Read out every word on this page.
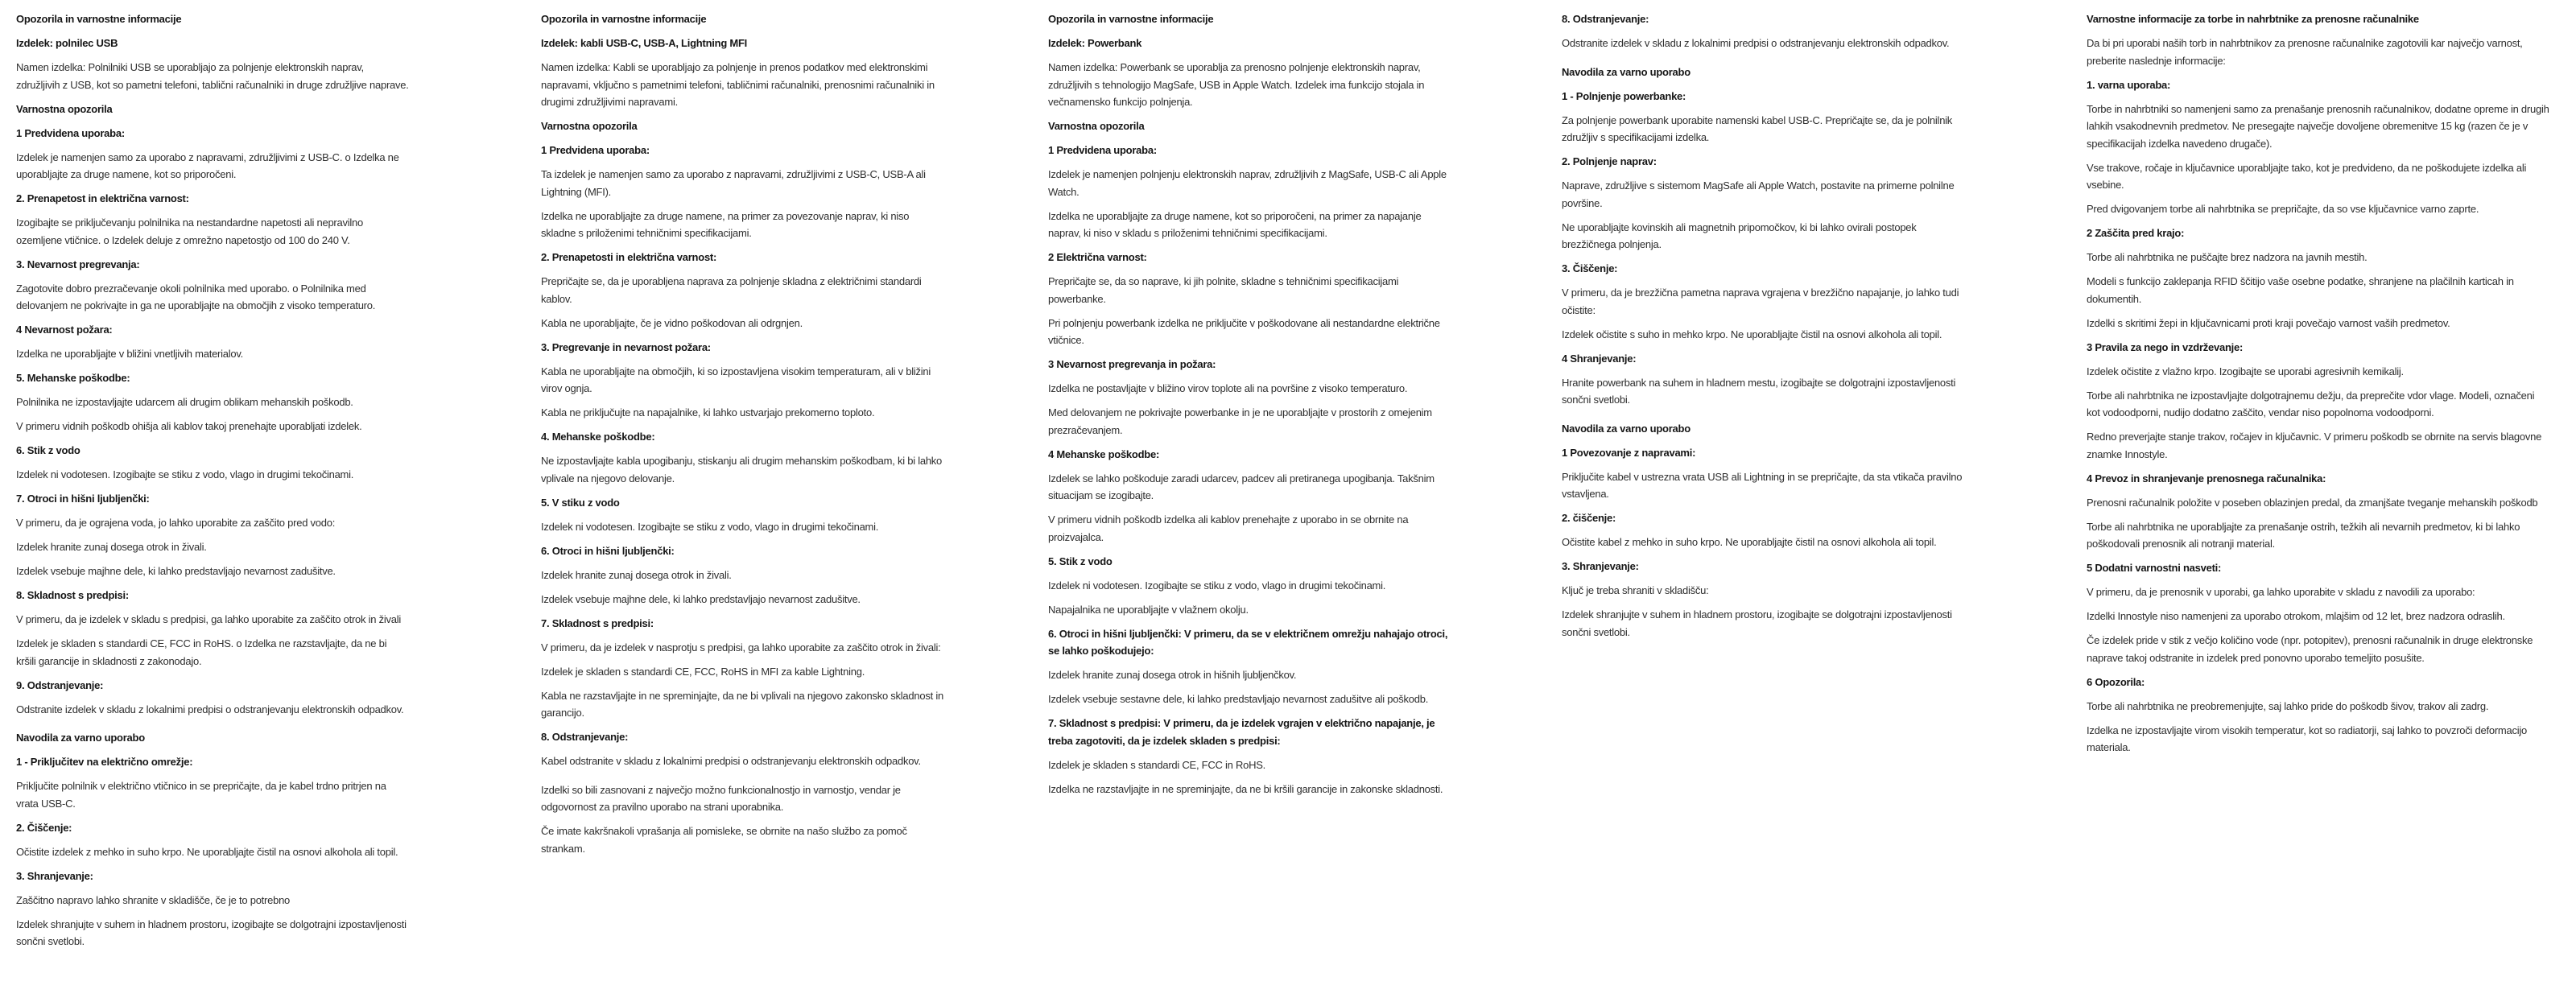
Opozorila in varnostne informacije
Izdelek: polnilec USB

Namen izdelka: Polnilniki USB se uporabljajo za polnjenje elektronskih naprav, združljivih z USB, kot so pametni telefoni, tablični računalniki in druge združljive naprave.

Varnostna opozorila
1 Predvidena uporaba:

Izdelek je namenjen samo za uporabo z napravami, združljivimi z USB-C. o Izdelka ne uporabljajte za druge namene, kot so priporočeni.

2. Prenapetost in električna varnost:

Izogibajte se priključevanju polnilnika na nestandardne napetosti ali nepravilno ozemljene vtičnice. o Izdelek deluje z omrežno napetostjo od 100 do 240 V.

3. Nevarnost pregrevanja:

Zagotovite dobro prezračevanje okoli polnilnika med uporabo. o Polnilnika med delovanjem ne pokrivajte in ga ne uporabljajte na območjih z visoko temperaturo.

4 Nevarnost požara:

Izdelka ne uporabljajte v bližini vnetljivih materialov.

5. Mehanske poškodbe:

Polnilnika ne izpostavljajte udarcem ali drugim oblikam mehanskih poškodb.

V primeru vidnih poškodb ohišja ali kablov takoj prenehajte uporabljati izdelek.

6. Stik z vodo

Izdelek ni vodotesen. Izogibajte se stiku z vodo, vlago in drugimi tekočinami.

7. Otroci in hišni ljubljenčki:

V primeru, da je ograjena voda, jo lahko uporabite za zaščito pred vodo:

Izdelek hranite zunaj dosega otrok in živali.

Izdelek vsebuje majhne dele, ki lahko predstavljajo nevarnost zadušitve.

8. Skladnost s predpisi:

V primeru, da je izdelek v skladu s predpisi, ga lahko uporabite za zaščito otrok in živali

Izdelek je skladen s standardi CE, FCC in RoHS. o Izdelka ne razstavljajte, da ne bi kršili garancije in skladnosti z zakonodajo.

9. Odstranjevanje:

Odstranite izdelek v skladu z lokalnimi predpisi o odstranjevanju elektronskih odpadkov.

Navodila za varno uporabo
1 - Priključitev na električno omrežje:

Priključite polnilnik v električno vtičnico in se prepričajte, da je kabel trdno pritrjen na vrata USB-C.

2. Čiščenje:

Očistite izdelek z mehko in suho krpo. Ne uporabljajte čistil na osnovi alkohola ali topil.

3. Shranjevanje:

Zaščitno napravo lahko shranite v skladišče, če je to potrebno

Izdelek shranjujte v suhem in hladnem prostoru, izogibajte se dolgotrajni izpostavljenosti sončni svetlobi.

Opozorila in varnostne informacije
Izdelek: kabli USB-C, USB-A, Lightning MFI

Namen izdelka: Kabli se uporabljajo za polnjenje in prenos podatkov med elektronskimi napravami, vključno s pametnimi telefoni, tabličnimi računalniki, prenosnimi računalniki in drugimi združljivimi napravami.

Varnostna opozorila
1 Predvidena uporaba:

Ta izdelek je namenjen samo za uporabo z napravami, združljivimi z USB-C, USB-A ali Lightning (MFI).

Izdelka ne uporabljajte za druge namene, na primer za povezovanje naprav, ki niso skladne s priloženimi tehničnimi specifikacijami.

2. Prenapetosti in električna varnost:

Prepričajte se, da je uporabljena naprava za polnjenje skladna z električnimi standardi kablov.

Kabla ne uporabljajte, če je vidno poškodovan ali odrgnjen.

3. Pregrevanje in nevarnost požara:

Kabla ne uporabljajte na območjih, ki so izpostavljena visokim temperaturam, ali v bližini virov ognja.

Kabla ne priključujte na napajalnike, ki lahko ustvarjajo prekomerno toploto.

4. Mehanske poškodbe:

Ne izpostavljajte kabla upogibanju, stiskanju ali drugim mehanskim poškodbam, ki bi lahko vplivale na njegovo delovanje.

5. V stiku z vodo

Izdelek ni vodotesen. Izogibajte se stiku z vodo, vlago in drugimi tekočinami.

6. Otroci in hišni ljubljenčki:

Izdelek hranite zunaj dosega otrok in živali.

Izdelek vsebuje majhne dele, ki lahko predstavljajo nevarnost zadušitve.

7. Skladnost s predpisi:

V primeru, da je izdelek v nasprotju s predpisi, ga lahko uporabite za zaščito otrok in živali:

Izdelek je skladen s standardi CE, FCC, RoHS in MFI za kable Lightning.

Kabla ne razstavljajte in ne spreminjajte, da ne bi vplivali na njegovo zakonsko skladnost in garancijo.

8. Odstranjevanje:

Kabel odstranite v skladu z lokalnimi predpisi o odstranjevanju elektronskih odpadkov.

Izdelki so bili zasnovani z največjo možno funkcionalnostjo in varnostjo, vendar je odgovornost za pravilno uporabo na strani uporabnika.

Če imate kakršnakoli vprašanja ali pomisleke, se obrnite na našo službo za pomoč strankam.

Opozorila in varnostne informacije
Izdelek: Powerbank

Namen izdelka: Powerbank se uporablja za prenosno polnjenje elektronskih naprav, združljivih s tehnologijo MagSafe, USB in Apple Watch. Izdelek ima funkcijo stojala in večnamensko funkcijo polnjenja.

Varnostna opozorila
1 Predvidena uporaba:

Izdelek je namenjen polnjenju elektronskih naprav, združljivih z MagSafe, USB-C ali Apple Watch.

Izdelka ne uporabljajte za druge namene, kot so priporočeni, na primer za napajanje naprav, ki niso v skladu s priloženimi tehničnimi specifikacijami.

2 Električna varnost:

Prepričajte se, da so naprave, ki jih polnite, skladne s tehničnimi specifikacijami powerbanke.

Pri polnjenju powerbank izdelka ne priključite v poškodovane ali nestandardne električne vtičnice.

3 Nevarnost pregrevanja in požara:

Izdelka ne postavljajte v bližino virov toplote ali na površine z visoko temperaturo.

Med delovanjem ne pokrivajte powerbanke in je ne uporabljajte v prostorih z omejenim prezračevanjem.

4 Mehanske poškodbe:

Izdelek se lahko poškoduje zaradi udarcev, padcev ali pretiranega upogibanja. Takšnim situacijam se izogibajte.

V primeru vidnih poškodb izdelka ali kablov prenehajte z uporabo in se obrnite na proizvajalca.

5. Stik z vodo

Izdelek ni vodotesen. Izogibajte se stiku z vodo, vlago in drugimi tekočinami.

Napajalnika ne uporabljajte v vlažnem okolju.

6. Otroci in hišni ljubljenčki: V primeru, da se v električnem omrežju nahajajo otroci, se lahko poškodujejo:

Izdelek hranite zunaj dosega otrok in hišnih ljubljenčkov.

Izdelek vsebuje sestavne dele, ki lahko predstavljajo nevarnost zadušitve ali poškodb.

7. Skladnost s predpisi: V primeru, da je izdelek vgrajen v električno napajanje, je treba zagotoviti, da je izdelek skladen s predpisi:

Izdelek je skladen s standardi CE, FCC in RoHS.

Izdelka ne razstavljajte in ne spreminjajte, da ne bi kršili garancije in zakonske skladnosti.

8. Odstranjevanje:

Odstranite izdelek v skladu z lokalnimi predpisi o odstranjevanju elektronskih odpadkov.

Navodila za varno uporabo
1 - Polnjenje powerbanke:

Za polnjenje powerbank uporabite namenski kabel USB-C. Prepričajte se, da je polnilnik združljiv s specifikacijami izdelka.

2. Polnjenje naprav:

Naprave, združljive s sistemom MagSafe ali Apple Watch, postavite na primerne polnilne površine.

Ne uporabljajte kovinskih ali magnetnih pripomočkov, ki bi lahko ovirali postopek brezžičnega polnjenja.

3. Čiščenje:

V primeru, da je brezžična pametna naprava vgrajena v brezžično napajanje, jo lahko tudi očistite:

Izdelek očistite s suho in mehko krpo. Ne uporabljajte čistil na osnovi alkohola ali topil.

4 Shranjevanje:

Hranite powerbank na suhem in hladnem mestu, izogibajte se dolgotrajni izpostavljenosti sončni svetlobi.

Navodila za varno uporabo
1 Povezovanje z napravami:

Priključite kabel v ustrezna vrata USB ali Lightning in se prepričajte, da sta vtikača pravilno vstavljena.

2. čiščenje:

Očistite kabel z mehko in suho krpo. Ne uporabljajte čistil na osnovi alkohola ali topil.

3. Shranjevanje:

Ključ je treba shraniti v skladišču:

Izdelek shranjujte v suhem in hladnem prostoru, izogibajte se dolgotrajni izpostavljenosti sončni svetlobi.

Varnostne informacije za torbe in nahrbtnike za prenosne računalnike

Da bi pri uporabi naših torb in nahrbtnikov za prenosne računalnike zagotovili kar največjo varnost, preberite naslednje informacije:

1. varna uporaba:

Torbe in nahrbtniki so namenjeni samo za prenašanje prenosnih računalnikov, dodatne opreme in drugih lahkih vsakodnevnih predmetov. Ne presegajte največje dovoljene obremenitve 15 kg (razen če je v specifikacijah izdelka navedeno drugače).

Vse trakove, ročaje in ključavnice uporabljajte tako, kot je predvideno, da ne poškodujete izdelka ali vsebine.

Pred dvigovanjem torbe ali nahrbtnika se prepričajte, da so vse ključavnice varno zaprte.

2 Zaščita pred krajo:

Torbe ali nahrbtnika ne puščajte brez nadzora na javnih mestih.

Modeli s funkcijo zaklepanja RFID ščitijo vaše osebne podatke, shranjene na plačilnih karticah in dokumentih.

Izdelki s skritimi žepi in ključavnicami proti kraji povečajo varnost vaših predmetov.

3 Pravila za nego in vzdrževanje:

Izdelek očistite z vlažno krpo. Izogibajte se uporabi agresivnih kemikalij.

Torbe ali nahrbtnika ne izpostavljajte dolgotrajnemu dežju, da preprečite vdor vlage. Modeli, označeni kot vodoodporni, nudijo dodatno zaščito, vendar niso popolnoma vodoodporni.

Redno preverjajte stanje trakov, ročajev in ključavnic. V primeru poškodb se obrnite na servis blagovne znamke Innostyle.

4 Prevoz in shranjevanje prenosnega računalnika:

Prenosni računalnik položite v poseben oblazinjen predal, da zmanjšate tveganje mehanskih poškodb

Torbe ali nahrbtnika ne uporabljajte za prenašanje ostrih, težkih ali nevarnih predmetov, ki bi lahko poškodovali prenosnik ali notranji material.

5 Dodatni varnostni nasveti:

V primeru, da je prenosnik v uporabi, ga lahko uporabite v skladu z navodili za uporabo:

Izdelki Innostyle niso namenjeni za uporabo otrokom, mlajšim od 12 let, brez nadzora odraslih.

Če izdelek pride v stik z večjo količino vode (npr. potopitev), prenosni računalnik in druge elektronske naprave takoj odstranite in izdelek pred ponovno uporabo temeljito posušite.

6 Opozorila:

Torbe ali nahrbtnika ne preobremenjujte, saj lahko pride do poškodb šivov, trakov ali zadrg.

Izdelka ne izpostavljajte virom visokih temperatur, kot so radiatorji, saj lahko to povzroči deformacijo materiala.
